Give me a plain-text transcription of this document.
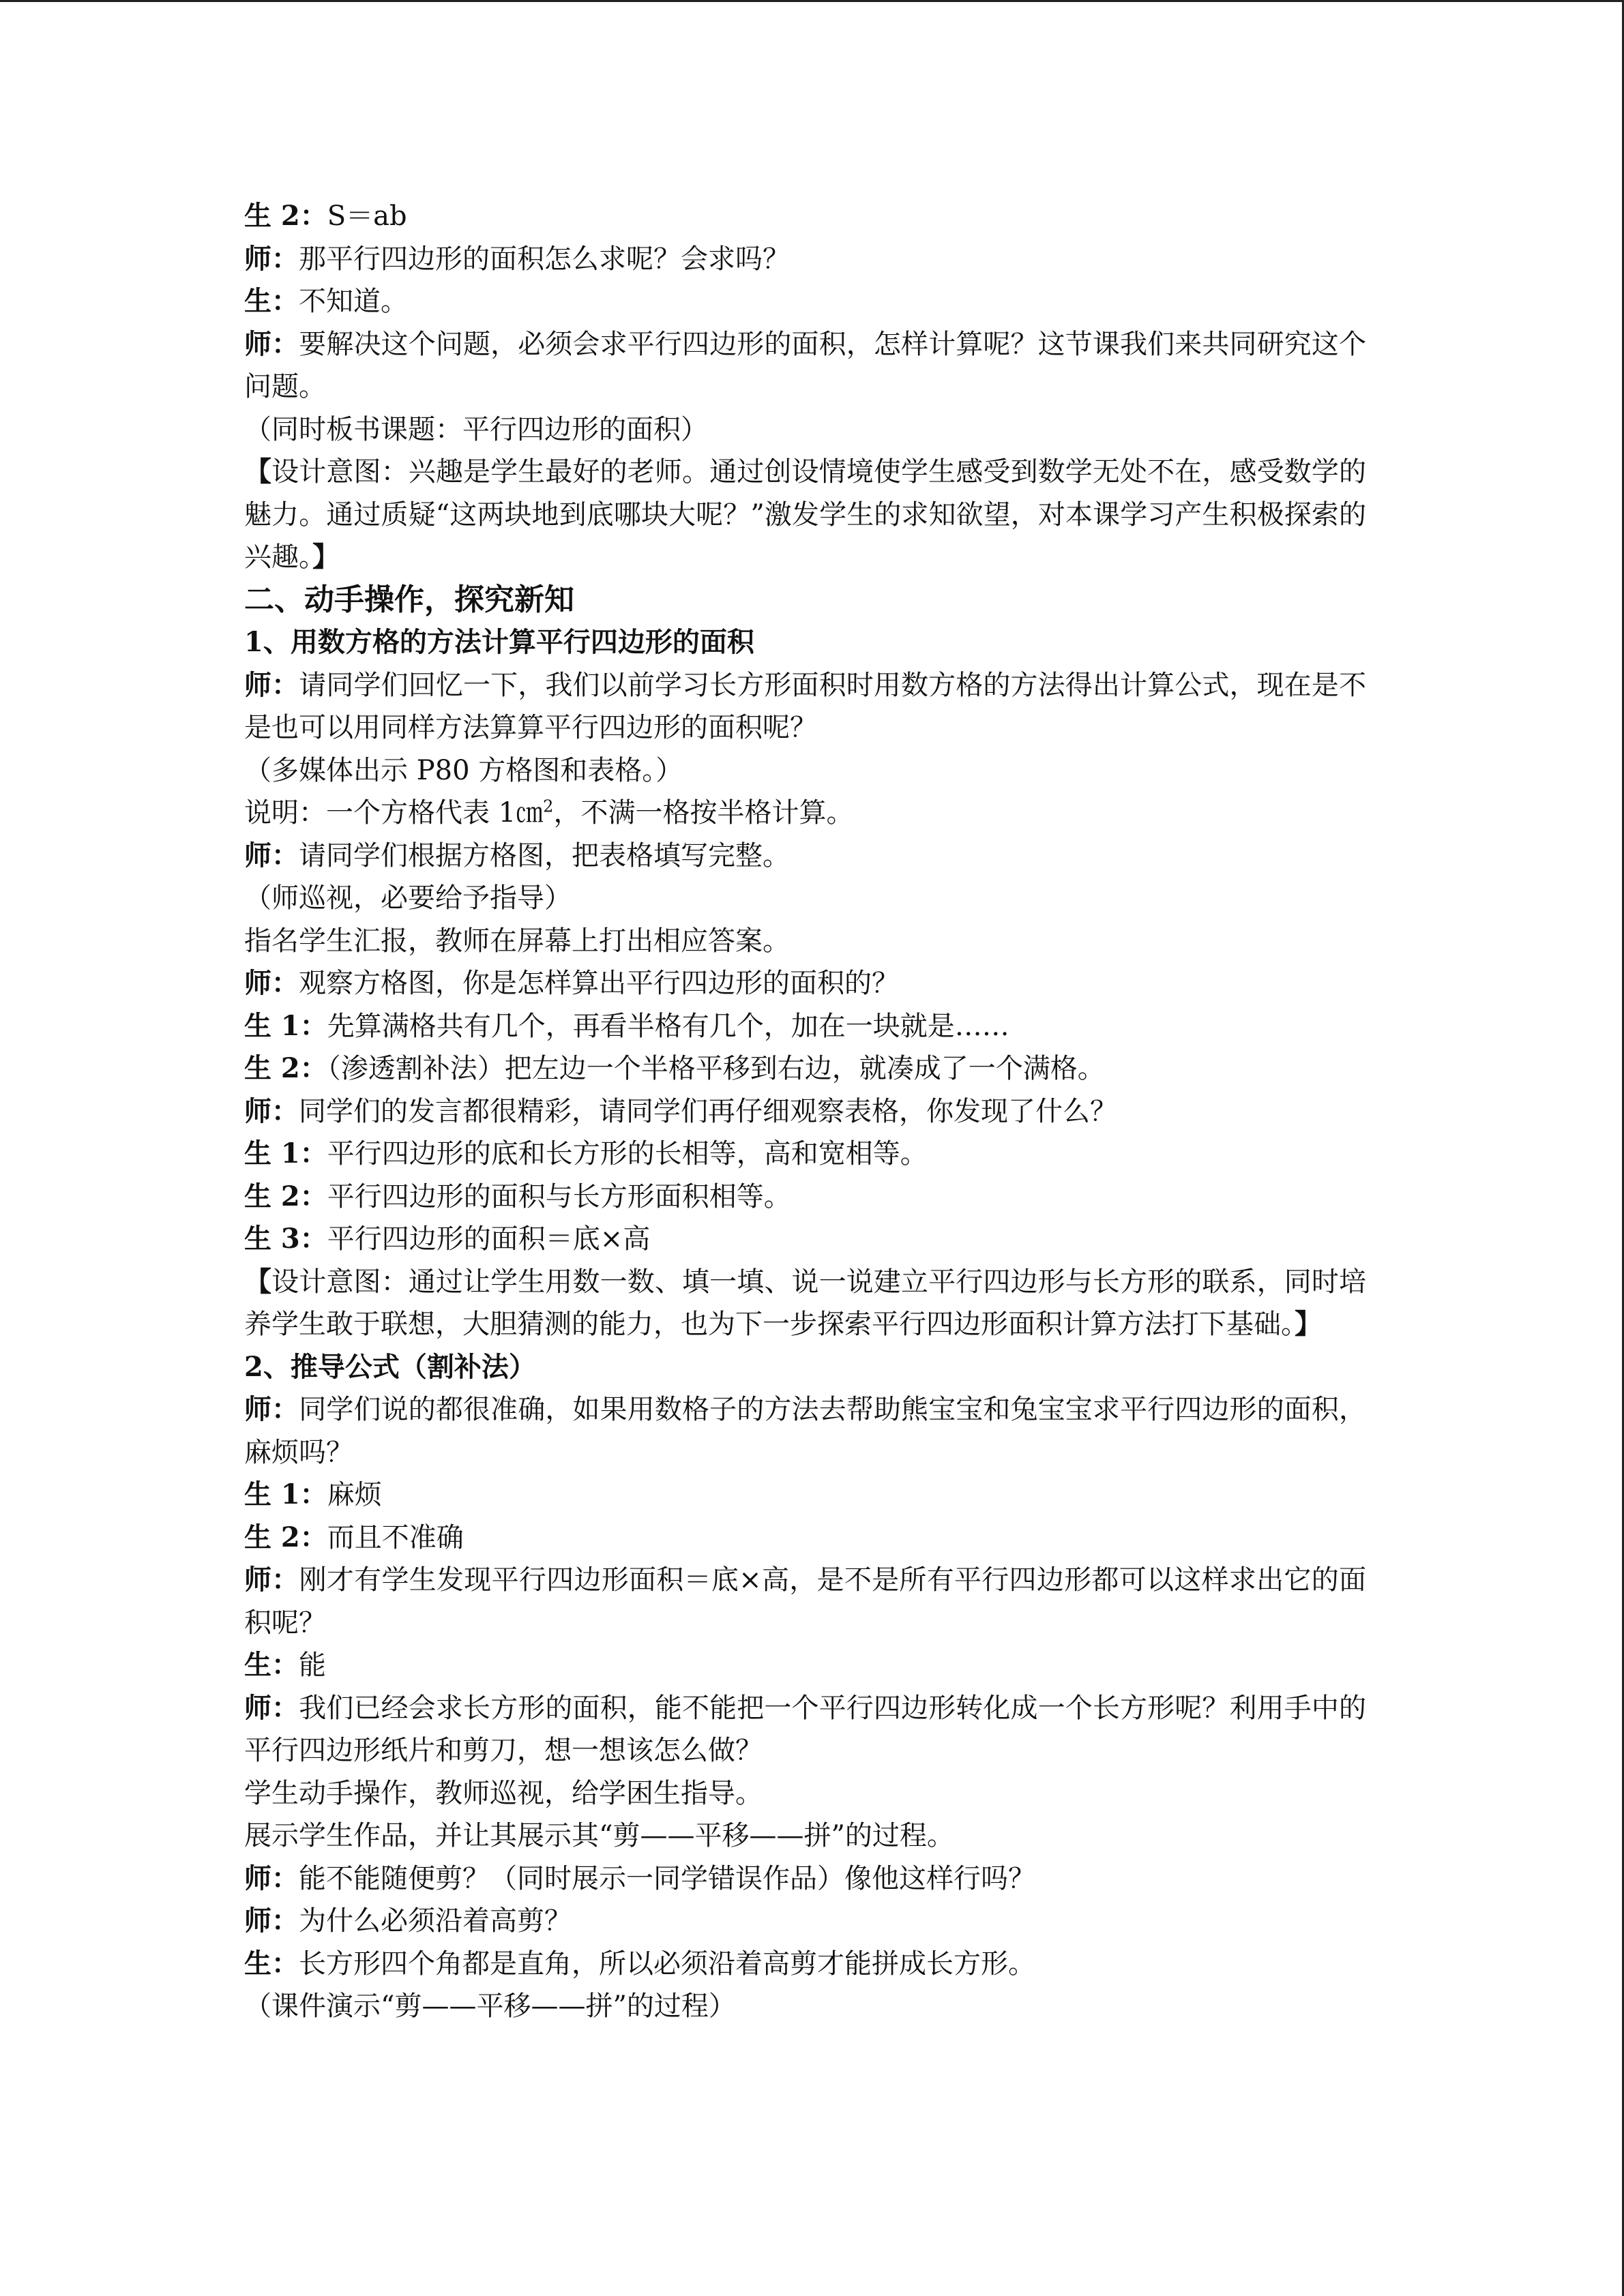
生 2：S＝ab
师：那平行四边形的面积怎么求呢？会求吗？
生：不知道。
师：要解决这个问题，必须会求平行四边形的面积，怎样计算呢？这节课我们来共同研究这个问题。
（同时板书课题：平行四边形的面积）
【设计意图：兴趣是学生最好的老师。通过创设情境使学生感受到数学无处不在，感受数学的魅力。通过质疑“这两块地到底哪块大呢？”激发学生的求知欲望，对本课学习产生积极探索的兴趣。】
二、动手操作，探究新知
1、用数方格的方法计算平行四边形的面积
师：请同学们回忆一下，我们以前学习长方形面积时用数方格的方法得出计算公式，现在是不是也可以用同样方法算算平行四边形的面积呢？
（多媒体出示 P80 方格图和表格。）
说明：一个方格代表 1㎝$^2$，不满一格按半格计算。
师：请同学们根据方格图，把表格填写完整。
（师巡视，必要给予指导）
指名学生汇报，教师在屏幕上打出相应答案。
师：观察方格图，你是怎样算出平行四边形的面积的？
生 1：先算满格共有几个，再看半格有几个，加在一块就是……
生 2：（渗透割补法）把左边一个半格平移到右边，就凑成了一个满格。
师：同学们的发言都很精彩，请同学们再仔细观察表格，你发现了什么？
生 1：平行四边形的底和长方形的长相等，高和宽相等。
生 2：平行四边形的面积与长方形面积相等。
生 3：平行四边形的面积＝底×高
【设计意图：通过让学生用数一数、填一填、说一说建立平行四边形与长方形的联系，同时培养学生敢于联想，大胆猜测的能力，也为下一步探索平行四边形面积计算方法打下基础。】
2、推导公式（割补法）
师：同学们说的都很准确，如果用数格子的方法去帮助熊宝宝和兔宝宝求平行四边形的面积，麻烦吗？
生 1：麻烦
生 2：而且不准确
师：刚才有学生发现平行四边形面积＝底×高，是不是所有平行四边形都可以这样求出它的面积呢？
生：能
师：我们已经会求长方形的面积，能不能把一个平行四边形转化成一个长方形呢？利用手中的平行四边形纸片和剪刀，想一想该怎么做？
学生动手操作，教师巡视，给学困生指导。
展示学生作品，并让其展示其“剪——平移——拼”的过程。
师：能不能随便剪？（同时展示一同学错误作品）像他这样行吗？
师：为什么必须沿着高剪？
生：长方形四个角都是直角，所以必须沿着高剪才能拼成长方形。
（课件演示“剪——平移——拼”的过程）
